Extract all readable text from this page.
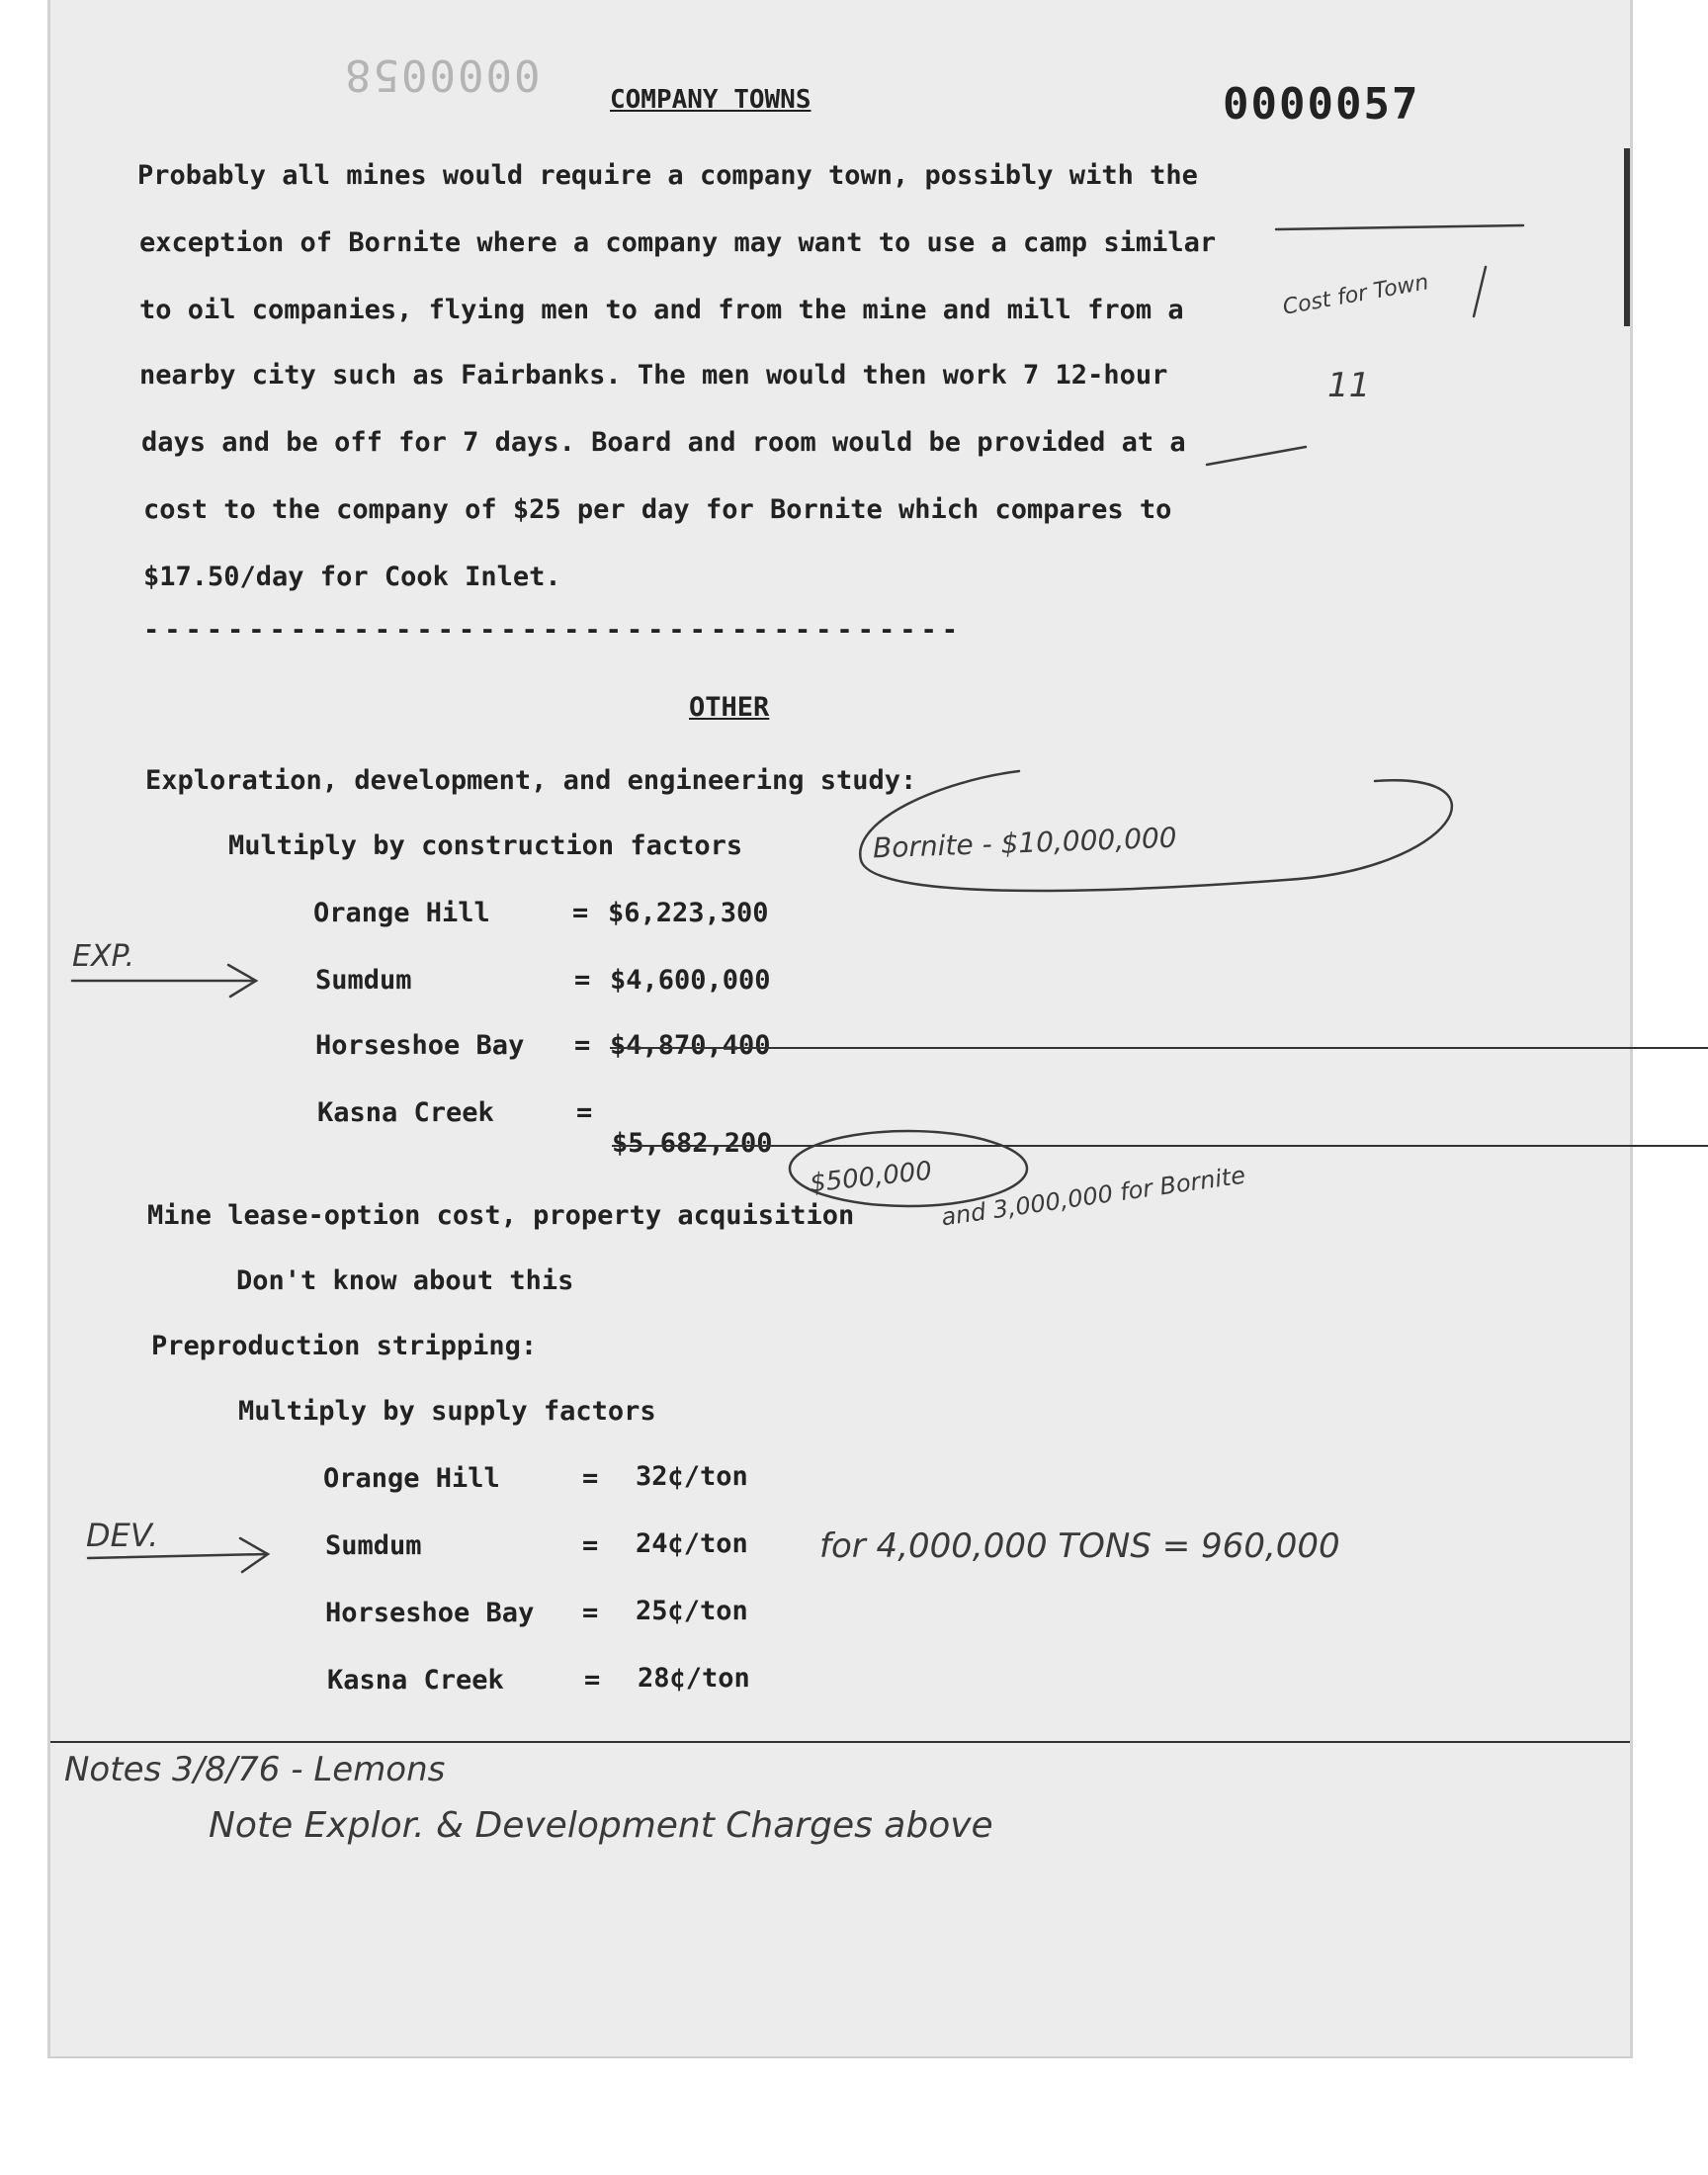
0000058	COMPANY TOWNS	0000057
Probably all mines would require a company town, possibly with the
exception of Bornite where a company may want to use a camp similar
to oil companies, flying men to and from the mine and mill from a
nearby city such as Fairbanks. The men would then work 7 12-hour
days and be off for 7 days. Board and room would be provided at a
cost to the company of $25 per day for Bornite which compares to
$17.50/day for Cook Inlet.
---------------------------------------
OTHER
Exploration, development, and engineering study:
Multiply by construction factors
Orange Hill	= $6,223,300
Sumdum	= $4,600,000
Horseshoe Bay = $4,870,400
Kasna Creek	=
$5,682,200
Mine lease-option cost, property acquisition
Don't know about this
Preproduction stripping:
Multiply by supply factors
Orange Hill	= 32¢/ton
Sumdum	= 24¢/ton
Horseshoe Bay = 25¢/ton
Kasna Creek	= 28¢/ton
EXP.
DEV.
Bornite - $10,000,000
$500,000 and 3,000,000 for Bornite
Cost for Town
11
for 4,000,000 TONS = 960,000
Notes 3/8/76 - Lemons
Note Explor. & Development Charges above
